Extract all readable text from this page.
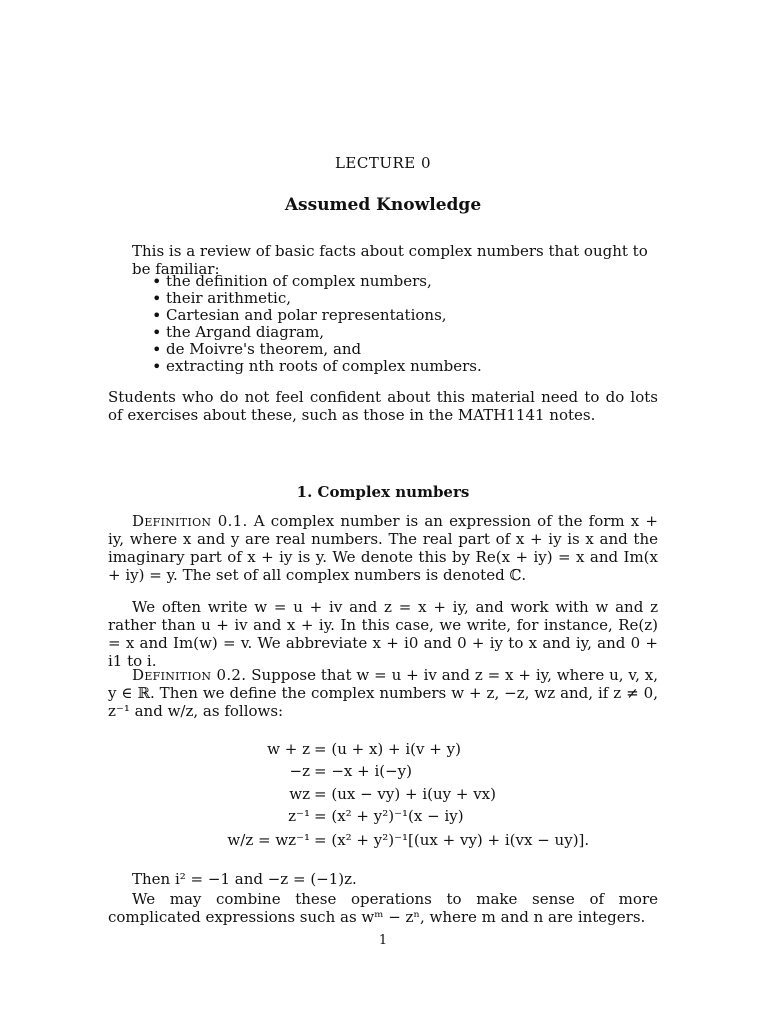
LECTURE 0
Assumed Knowledge
This is a review of basic facts about complex numbers that ought to be familiar:
• the definition of complex numbers,
• their arithmetic,
• Cartesian and polar representations,
• the Argand diagram,
• de Moivre's theorem, and
• extracting nth roots of complex numbers.
Students who do not feel confident about this material need to do lots of exercises about these, such as those in the MATH1141 notes.
1. Complex numbers
Definition 0.1. A complex number is an expression of the form x + iy, where x and y are real numbers. The real part of x + iy is x and the imaginary part of x + iy is y. We denote this by Re(x + iy) = x and Im(x + iy) = y. The set of all complex numbers is denoted ℂ.
We often write w = u + iv and z = x + iy, and work with w and z rather than u + iv and x + iy. In this case, we write, for instance, Re(z) = x and Im(w) = v. We abbreviate x + i0 and 0 + iy to x and iy, and 0 + i1 to i.
Definition 0.2. Suppose that w = u + iv and z = x + iy, where u, v, x, y ∈ ℝ. Then we define the complex numbers w + z, −z, wz and, if z ≠ 0, z⁻¹ and w/z, as follows:
w + z = (u + x) + i(v + y)
−z = −x + i(−y)
wz = (ux − vy) + i(uy + vx)
z⁻¹ = (x² + y²)⁻¹(x − iy)
w/z = wz⁻¹ = (x² + y²)⁻¹[(ux + vy) + i(vx − uy)].
Then i² = −1 and −z = (−1)z.
We may combine these operations to make sense of more complicated expressions such as wᵐ − zⁿ, where m and n are integers.
1
